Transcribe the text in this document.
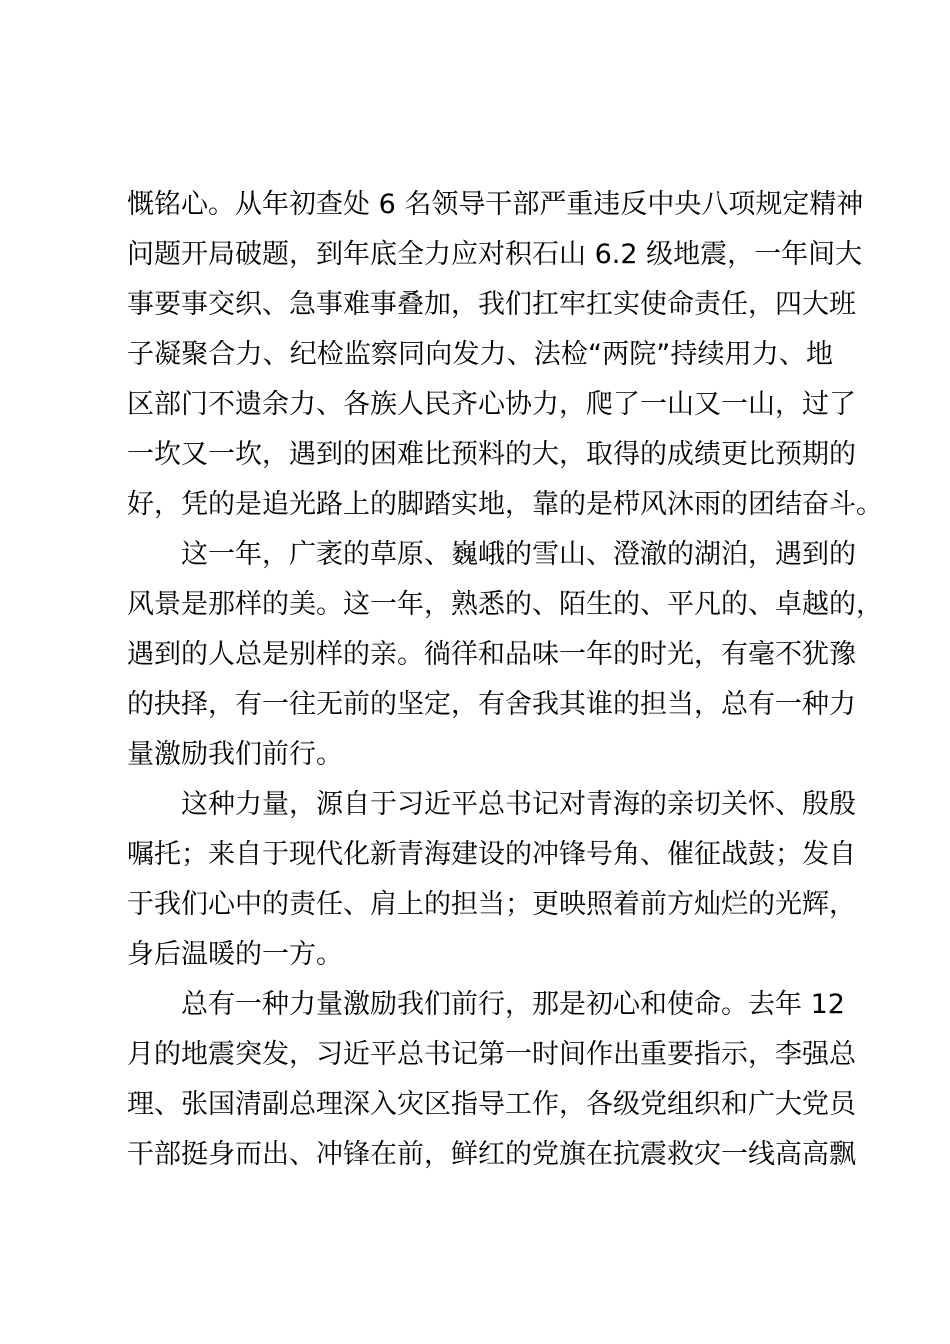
慨铭心。从年初查处 6 名领导干部严重违反中央八项规定精神
问题开局破题，到年底全力应对积石山 6.2 级地震，一年间大
事要事交织、急事难事叠加，我们扛牢扛实使命责任，四大班
子凝聚合力、纪检监察同向发力、法检“两院”持续用力、地
区部门不遗余力、各族人民齐心协力，爬了一山又一山，过了
一坎又一坎，遇到的困难比预料的大，取得的成绩更比预期的
好，凭的是追光路上的脚踏实地，靠的是栉风沐雨的团结奋斗。
这一年，广袤的草原、巍峨的雪山、澄澈的湖泊，遇到的
风景是那样的美。这一年，熟悉的、陌生的、平凡的、卓越的，
遇到的人总是别样的亲。徜徉和品味一年的时光，有毫不犹豫
的抉择，有一往无前的坚定，有舍我其谁的担当，总有一种力
量激励我们前行。
这种力量，源自于习近平总书记对青海的亲切关怀、殷殷
嘱托；来自于现代化新青海建设的冲锋号角、催征战鼓；发自
于我们心中的责任、肩上的担当；更映照着前方灿烂的光辉，
身后温暖的一方。
总有一种力量激励我们前行，那是初心和使命。去年 12
月的地震突发，习近平总书记第一时间作出重要指示，李强总
理、张国清副总理深入灾区指导工作，各级党组织和广大党员
干部挺身而出、冲锋在前，鲜红的党旗在抗震救灾一线高高飘
